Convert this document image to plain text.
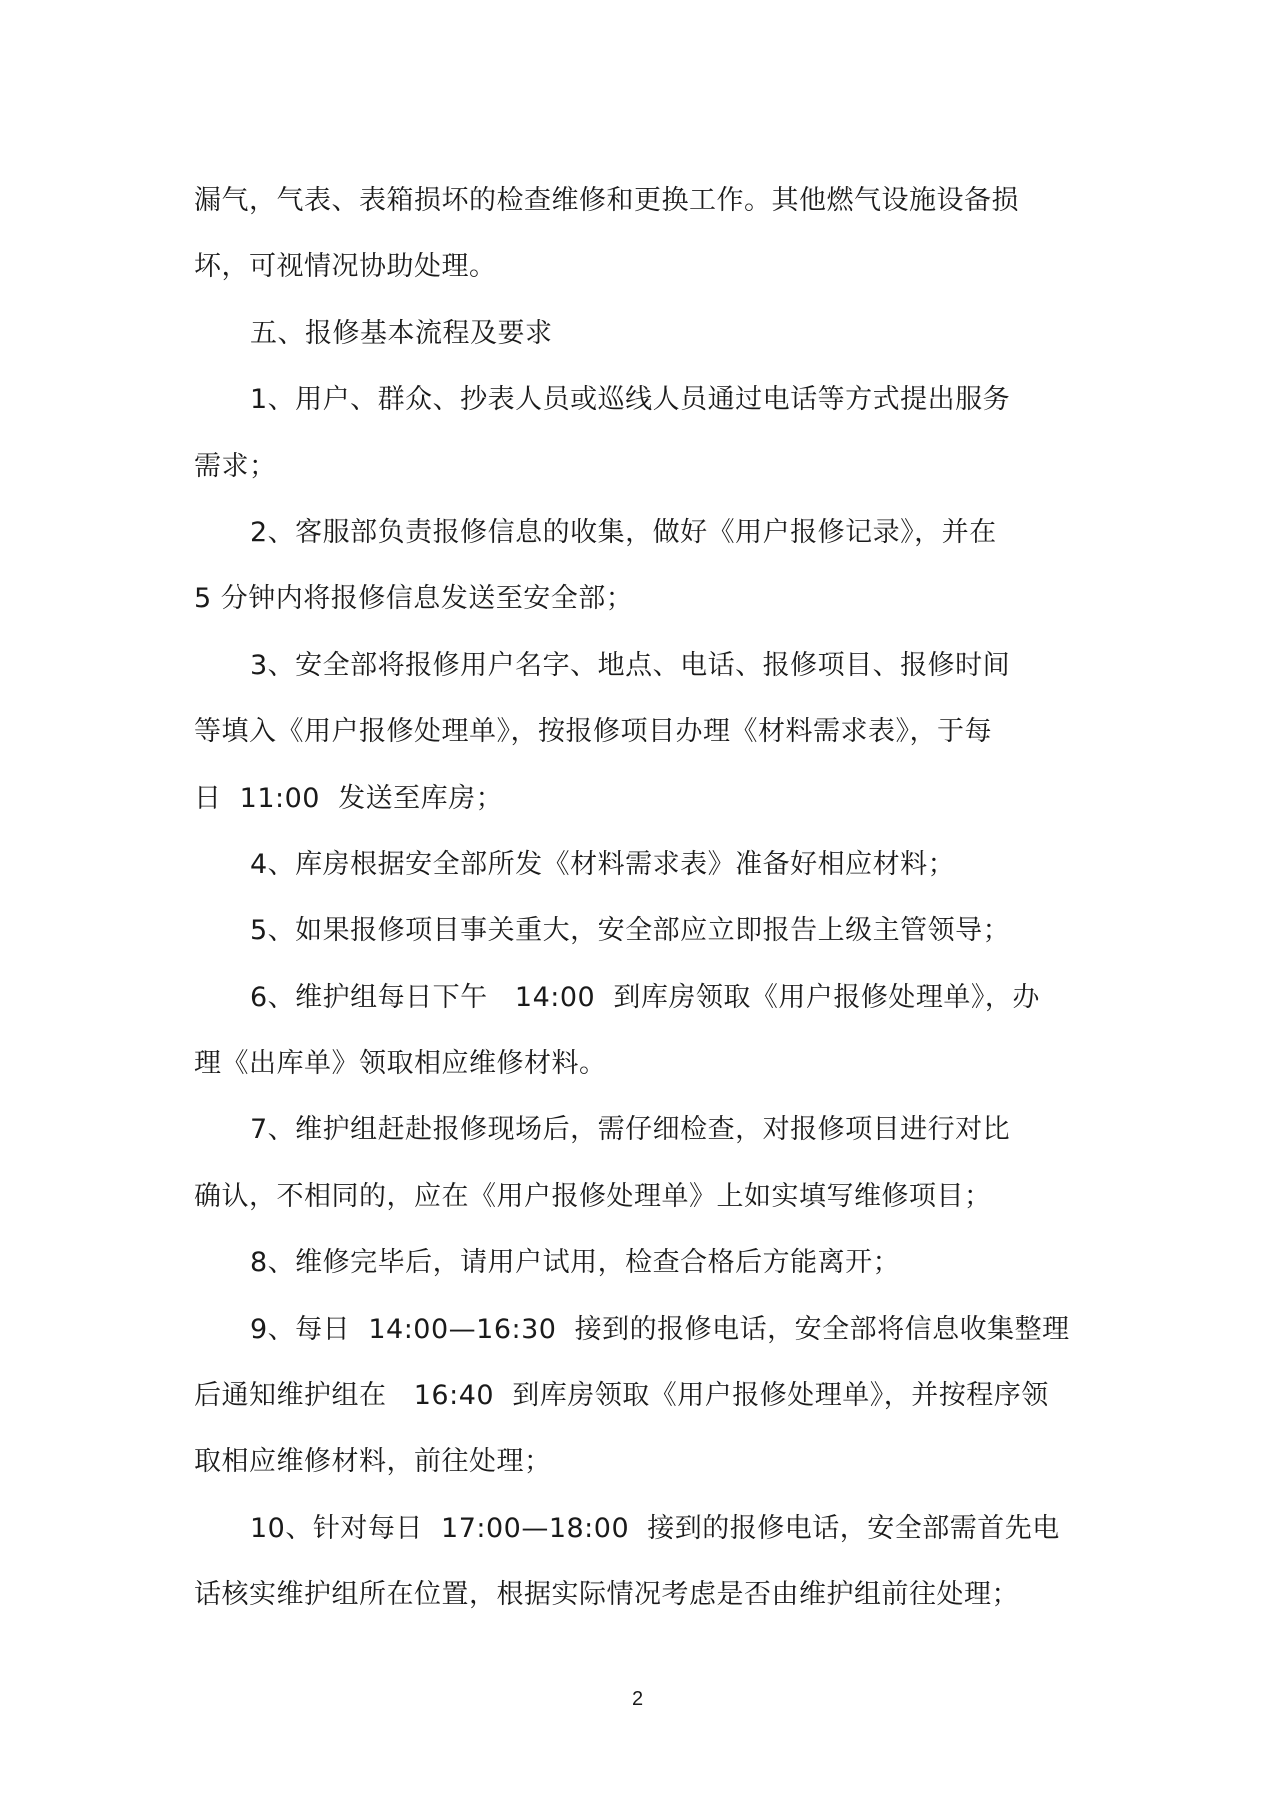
漏气，气表、表箱损坏的检查维修和更换工作。其他燃气设施设备损
坏，可视情况协助处理。
五、报修基本流程及要求
1、用户、群众、抄表人员或巡线人员通过电话等方式提出服务
需求；
2、客服部负责报修信息的收集，做好《用户报修记录》，并在
5 分钟内将报修信息发送至安全部；
3、安全部将报修用户名字、地点、电话、报修项目、报修时间
等填入《用户报修处理单》，按报修项目办理《材料需求表》，于每
日  11:00  发送至库房；
4、库房根据安全部所发《材料需求表》准备好相应材料；
5、如果报修项目事关重大，安全部应立即报告上级主管领导；
6、维护组每日下午   14:00  到库房领取《用户报修处理单》，办
理《出库单》领取相应维修材料。
7、维护组赶赴报修现场后，需仔细检查，对报修项目进行对比
确认，不相同的，应在《用户报修处理单》上如实填写维修项目；
8、维修完毕后，请用户试用，检查合格后方能离开；
9、每日  14:00—16:30  接到的报修电话，安全部将信息收集整理
后通知维护组在   16:40  到库房领取《用户报修处理单》，并按程序领
取相应维修材料，前往处理；
10、针对每日  17:00—18:00  接到的报修电话，安全部需首先电
话核实维护组所在位置，根据实际情况考虑是否由维护组前往处理；
2
